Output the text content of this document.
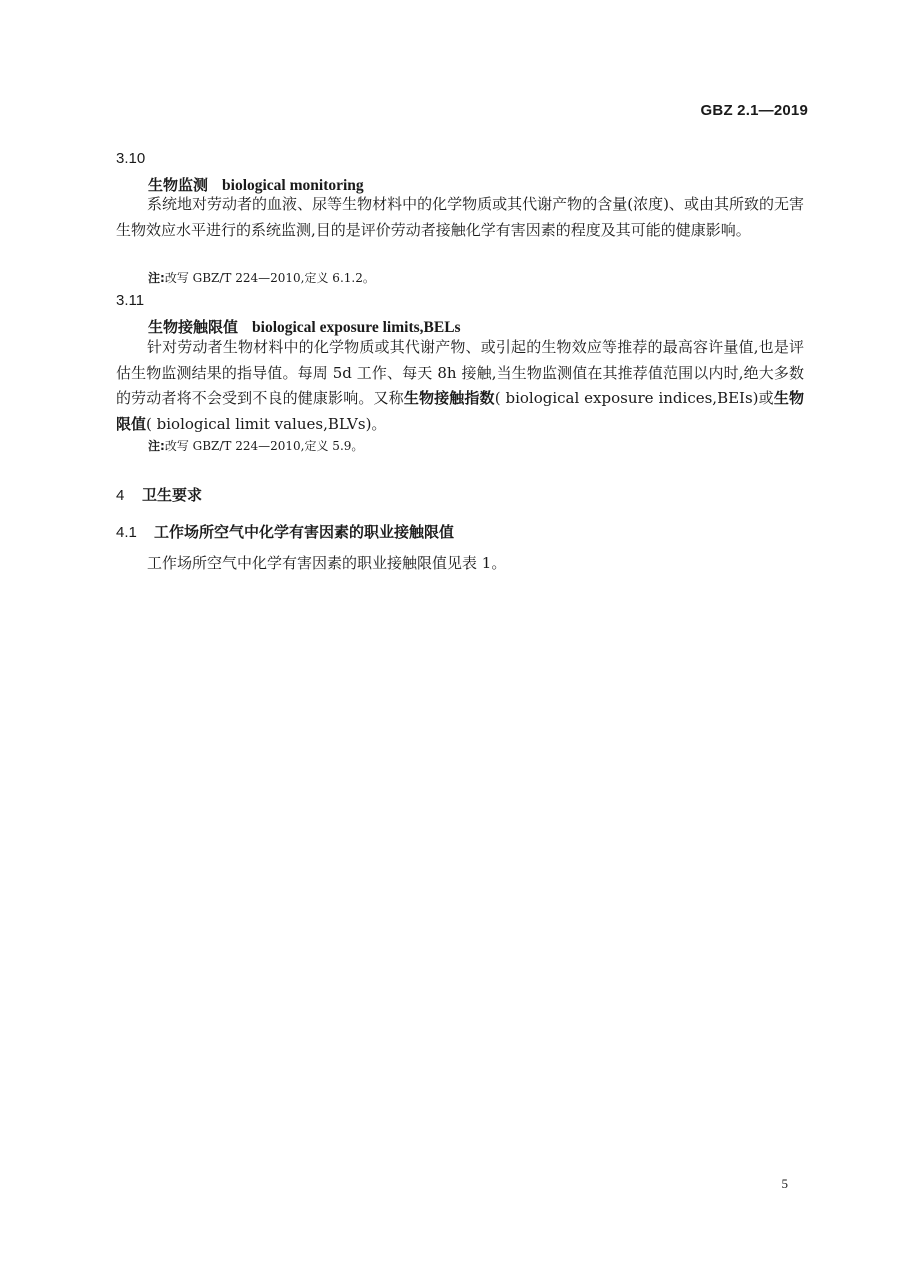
GBZ 2.1—2019
3.10
生物监测 biological monitoring
系统地对劳动者的血液、尿等生物材料中的化学物质或其代谢产物的含量(浓度)、或由其所致的无害生物效应水平进行的系统监测,目的是评价劳动者接触化学有害因素的程度及其可能的健康影响。
注:改写 GBZ/T 224—2010,定义 6.1.2。
3.11
生物接触限值 biological exposure limits,BELs
针对劳动者生物材料中的化学物质或其代谢产物、或引起的生物效应等推荐的最高容许量值,也是评估生物监测结果的指导值。每周 5d 工作、每天 8h 接触,当生物监测值在其推荐值范围以内时,绝大多数的劳动者将不会受到不良的健康影响。又称生物接触指数( biological exposure indices,BEIs)或生物限值( biological limit values,BLVs)。
注:改写 GBZ/T 224—2010,定义 5.9。
4 卫生要求
4.1 工作场所空气中化学有害因素的职业接触限值
工作场所空气中化学有害因素的职业接触限值见表 1。
5
